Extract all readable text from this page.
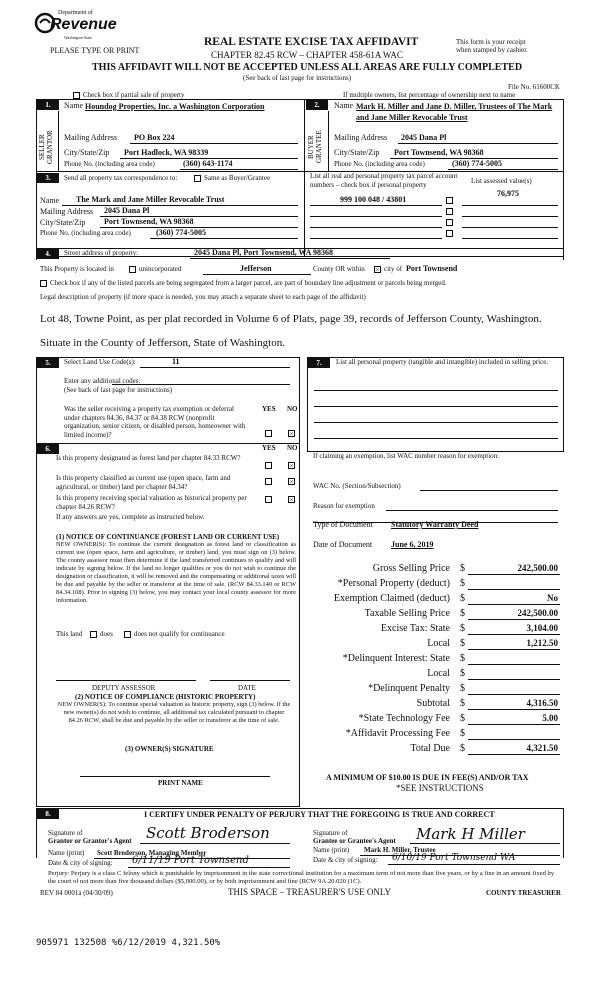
Department of
Revenue
Washington State
PLEASE TYPE OR PRINT
REAL ESTATE EXCISE TAX AFFIDAVIT
CHAPTER 82.45 RCW – CHAPTER 458-61A WAC
This form is your receipt
when stamped by cashier.
THIS AFFIDAVIT WILL NOT BE ACCEPTED UNLESS ALL AREAS ARE FULLY COMPLETED
(See back of last page for instructions)
File No. 61600CK
Check box if partial sale of property	If multiple owners, list percentage of ownership next to name
1.
SELLER GRANTOR
Name Houndog Properties, Inc. a Washington Corporation
Mailing Address PO Box 224
City/State/Zip Port Hadlock, WA 98339
Phone No. (including area code)	(360) 643-1174
2.
BUYER GRANTEE
Name Mark H. Miller and Jane D. Miller, Trustees of The Mark and Jane Miller Revocable Trust
Mailing Address 2045 Dana Pl
City/State/Zip Port Townsend, WA 98368
Phone No. (including area code)	(360) 774-5005
3.	Send all property tax correspondence to:	Same as Buyer/Grantee	List all real and personal property tax parcel account numbers – check box if personal property	List assessed value(s)
Name The Mark and Jane Miller Revocable Trust
Mailing Address 2045 Dana Pl
City/State/Zip Port Townsend, WA 98368
Phone No. (including area code)	(360) 774-5005
999 100 048 / 43801
76,975
4.	Street address of property:	2045 Dana Pl, Port Townsend, WA 98368
This Property is located in	unincorporated	Jefferson	County OR within × city of Port Townsend
Check box if any of the listed parcels are being segregated from a larger parcel, are part of boundary line adjustment or parcels being merged.
Legal description of property (if more space is needed, you may attach a separate sheet to each page of the affidavit)
Lot 48, Towne Point, as per plat recorded in Volume 6 of Plats, page 39, records of Jefferson County, Washington.
Situate in the County of Jefferson, State of Washington.
5.	Select Land Use Code(s):	11
Enter any additional codes:
(See back of last page for instructions)
YES NO
Was the seller receiving a property tax exemption or deferral under chapters 84.36, 84.37 or 84.38 RCW (nonprofit organization, senior citizen, or disabled person, homeowner with limited income)?	×
6.	YES NO
Is this property designated as forest land per chapter 84.33 RCW?
×
Is this property classified as current use (open space, farm and agricultural, or timber) land per chapter 84.34?
×
Is this property receiving special valuation as historical property per chapter 84.26 RCW?
×
If any answers are yes, complete as instructed below.
(1) NOTICE OF CONTINUANCE (FOREST LAND OR CURRENT USE)
NEW OWNER(S): To continue the current designation as forest land or classification as current use (open space, farm and agriculture, or timber) land, you must sign on (3) below. The county assessor must then determine if the land transferred continues to qualify and will indicate by signing below. If the land no longer qualifies or you do not wish to continue the designation or classification, it will be removed and the compensating or additional taxes will be due and payable by the seller or transferor at the time of sale. (RCW 84.33.140 or RCW 84.34.108). Prior to signing (3) below, you may contact your local county assessor for more information.
This land	does	does not qualify for continuance
DEPUTY ASSESSOR	DATE
(2) NOTICE OF COMPLIANCE (HISTORIC PROPERTY)
NEW OWNER(S): To continue special valuation as historic property, sign (3) below. If the new owner(s) do not wish to continue, all additional tax calculated pursuant to chapter 84.26 RCW, shall be due and payable by the seller or transferor at the time of sale.
(3) OWNER(S) SIGNATURE
PRINT NAME
7.	List all personal property (tangible and intangible) included in selling price.
If claiming an exemption, list WAC number reason for exemption:
WAC No. (Section/Subsection)
Reason for exemption
Type of Document Statutory Warranty Deed
Date of Document June 6, 2019
Gross Selling Price $	242,500.00
*Personal Property (deduct) $
Exemption Claimed (deduct) $	No
Taxable Selling Price $	242,500.00
Excise Tax: State $	3,104.00
Local $	1,212.50
*Delinquent Interest: State $
Local $
*Delinquent Penalty $
Subtotal $	4,316.50
*State Technology Fee $	5.00
*Affidavit Processing Fee $
Total Due $	4,321.50
A MINIMUM OF $10.00 IS DUE IN FEE(S) AND/OR TAX
*SEE INSTRUCTIONS
8.	I CERTIFY UNDER PENALTY OF PERJURY THAT THE FOREGOING IS TRUE AND CORRECT
Signature of
Grantor or Grantor's Agent Scott Broderson
Name (print) Scott Broderson, Managing Member
Date & city of signing: 6/11/19 Port Townsend
Signature of
Grantee or Grantee's Agent Mark H Miller
Name (print) Mark H. Miller, Trustee
Date & city of signing: 6/10/19 Port Townsend WA
Perjury: Perjury is a class C felony which is punishable by imprisonment in the state correctional institution for a maximum term of not more than five years, or by a fine in an amount fixed by the court of not more than five thousand dollars ($5,000.00), or by both imprisonment and fine (RCW 9A.20.020 (1C).
REV 84 0001a (04/30/09)	THIS SPACE – TREASURER'S USE ONLY	COUNTY TREASURER
905971 132508 %6/12/2019 4,321.50%
